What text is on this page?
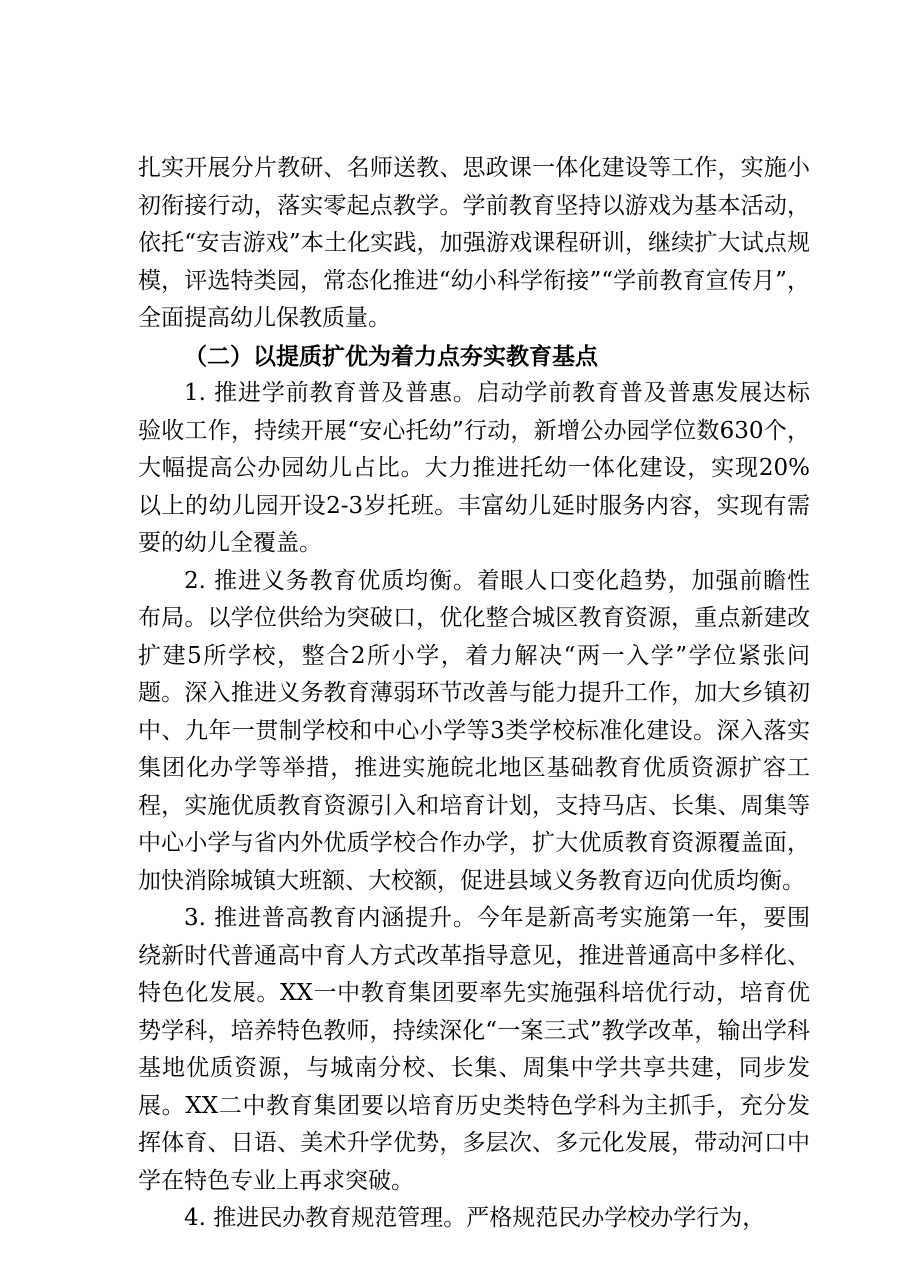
扎实开展分片教研、名师送教、思政课一体化建设等工作，实施小初衔接行动，落实零起点教学。学前教育坚持以游戏为基本活动，依托“安吉游戏”本土化实践，加强游戏课程研训，继续扩大试点规模，评选特类园，常态化推进“幼小科学衔接”“学前教育宣传月”，全面提高幼儿保教质量。

（二）以提质扩优为着力点夯实教育基点

1. 推进学前教育普及普惠。启动学前教育普及普惠发展达标验收工作，持续开展“安心托幼”行动，新增公办园学位数630个，大幅提高公办园幼儿占比。大力推进托幼一体化建设，实现20%以上的幼儿园开设2-3岁托班。丰富幼儿延时服务内容，实现有需要的幼儿全覆盖。

2. 推进义务教育优质均衡。着眼人口变化趋势，加强前瞻性布局。以学位供给为突破口，优化整合城区教育资源，重点新建改扩建5所学校，整合2所小学，着力解决“两一入学”学位紧张问题。深入推进义务教育薄弱环节改善与能力提升工作，加大乡镇初中、九年一贯制学校和中心小学等3类学校标准化建设。深入落实集团化办学等举措，推进实施皖北地区基础教育优质资源扩容工程，实施优质教育资源引入和培育计划，支持马店、长集、周集等中心小学与省内外优质学校合作办学，扩大优质教育资源覆盖面，加快消除城镇大班额、大校额，促进县域义务教育迈向优质均衡。

3. 推进普高教育内涵提升。今年是新高考实施第一年，要围绕新时代普通高中育人方式改革指导意见，推进普通高中多样化、特色化发展。XX一中教育集团要率先实施强科培优行动，培育优势学科，培养特色教师，持续深化“一案三式”教学改革，输出学科基地优质资源，与城南分校、长集、周集中学共享共建，同步发展。XX二中教育集团要以培育历史类特色学科为主抓手，充分发挥体育、日语、美术升学优势，多层次、多元化发展，带动河口中学在特色专业上再求突破。

4. 推进民办教育规范管理。严格规范民办学校办学行为，
